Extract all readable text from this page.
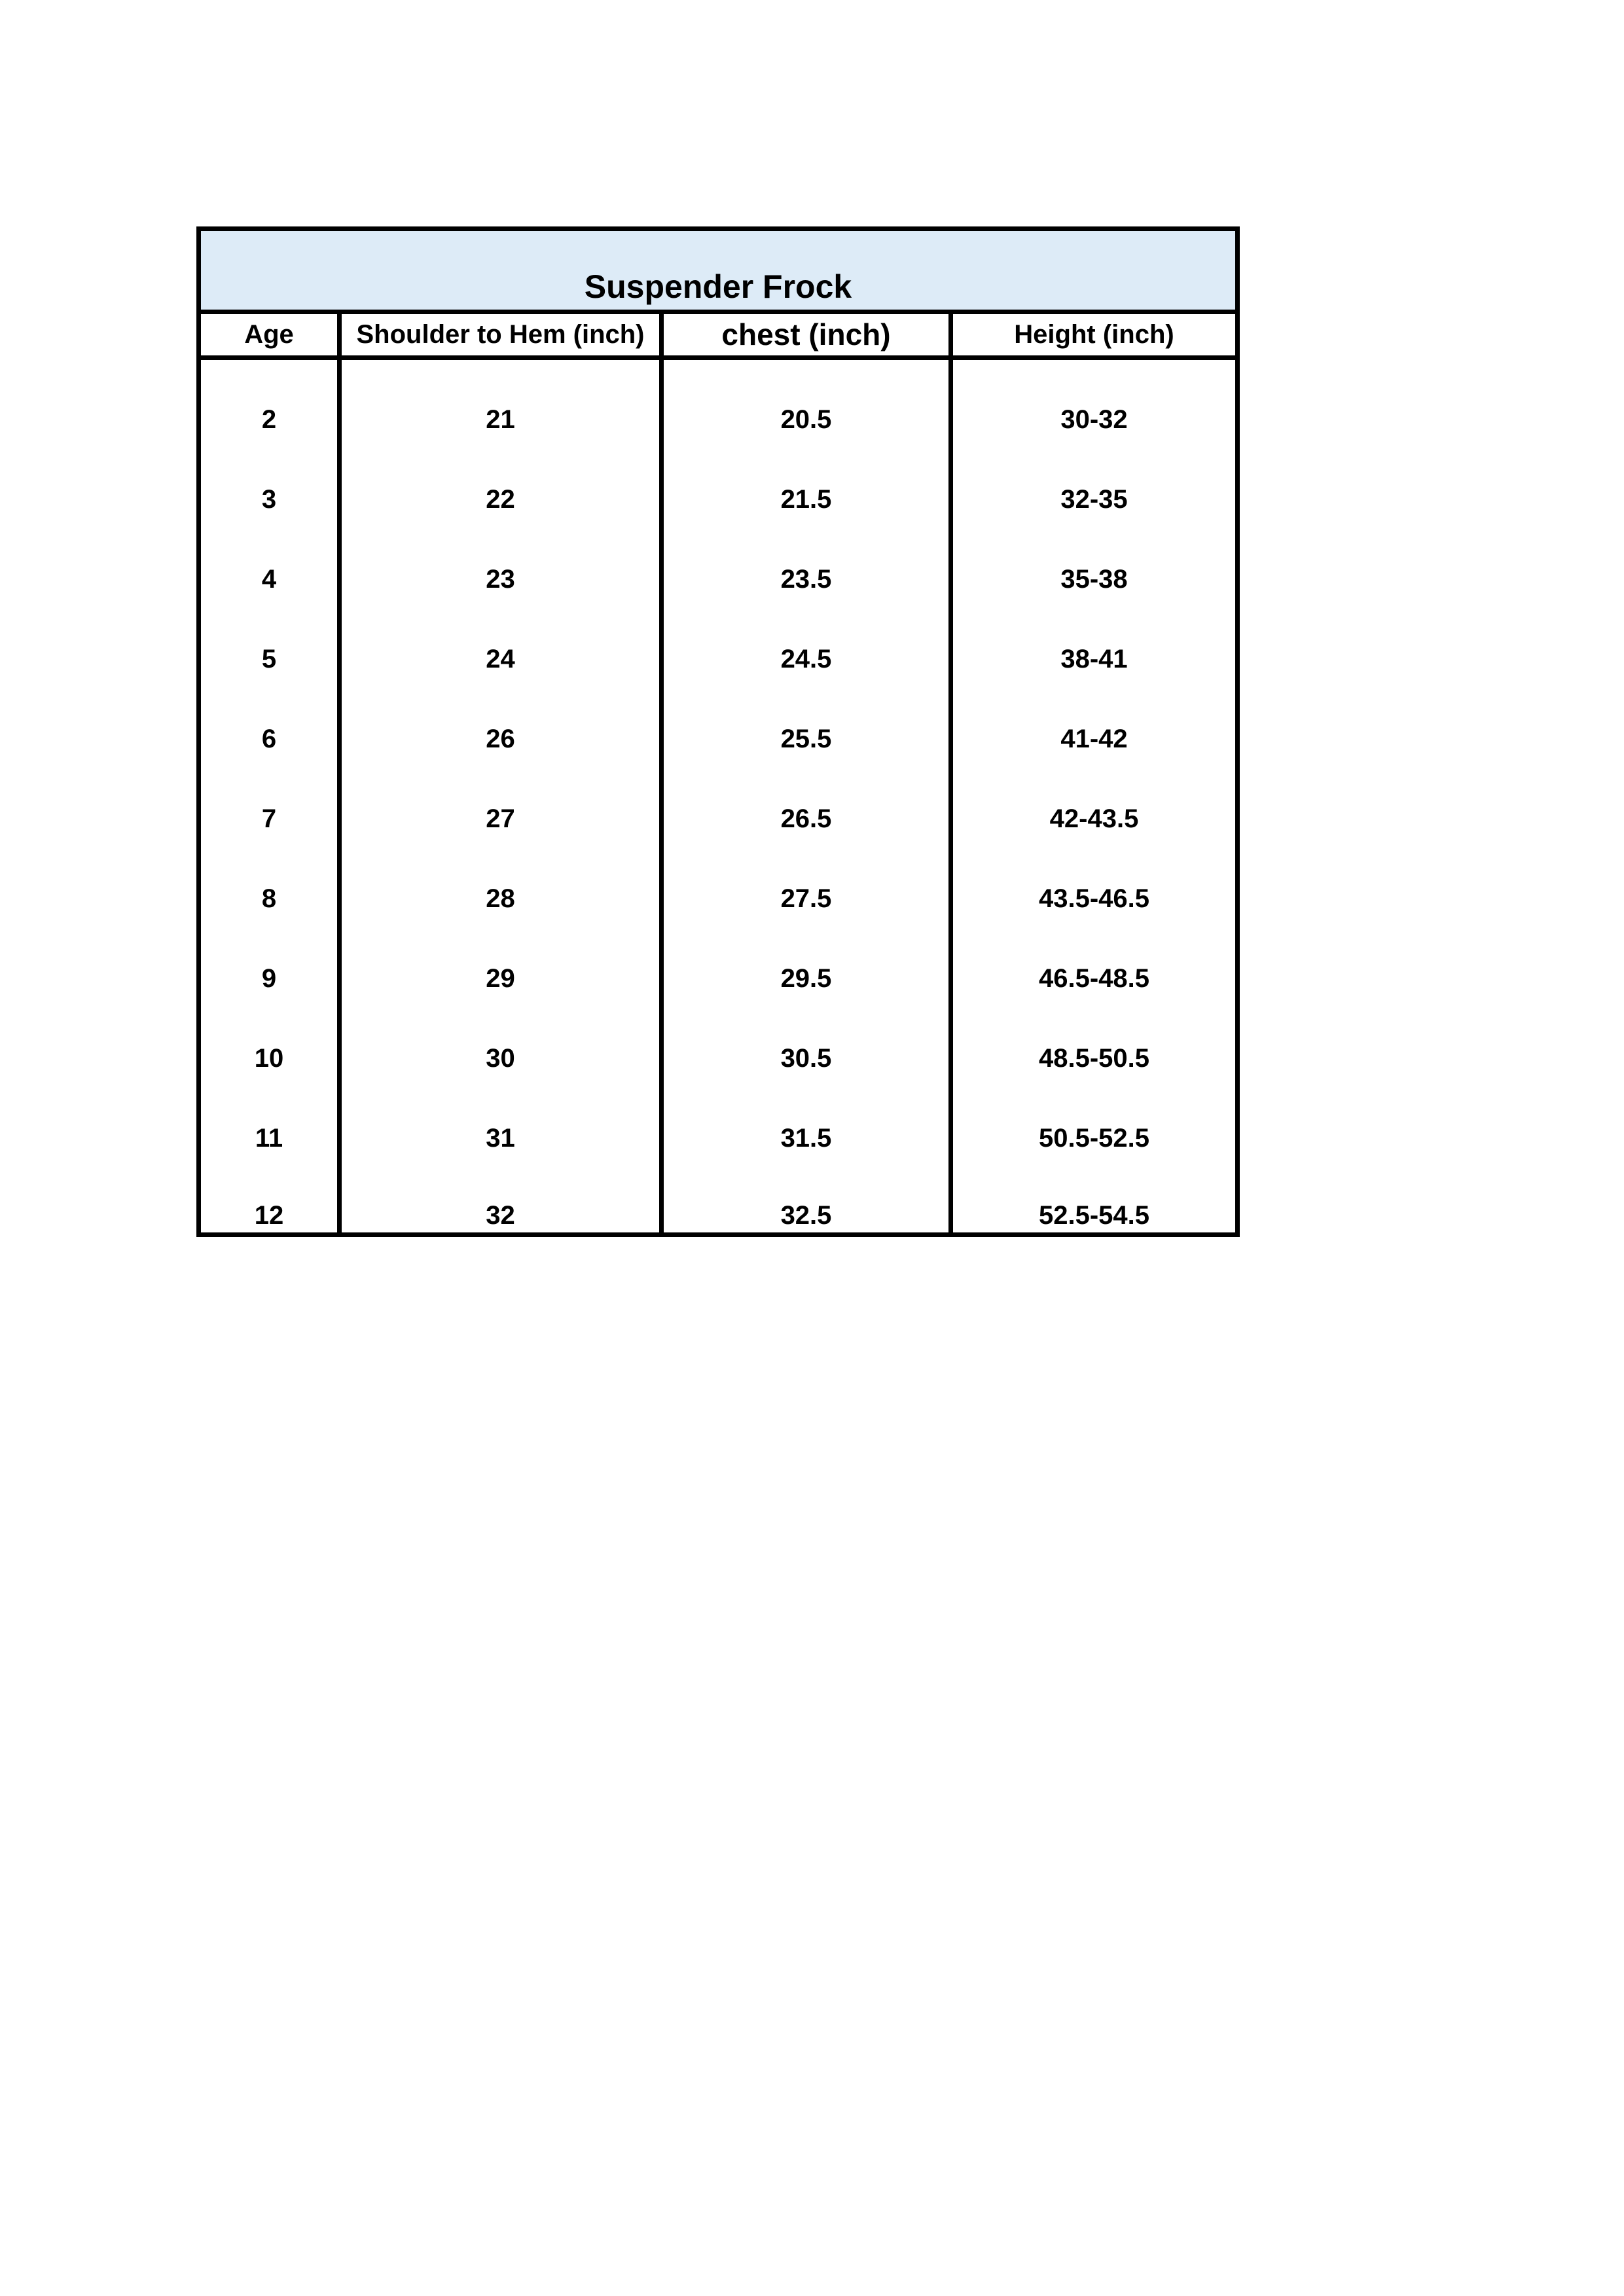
Suspender Frock
Age	Shoulder to Hem (inch)	chest (inch)	Height (inch)
2	21	20.5	30-32
3	22	21.5	32-35
4	23	23.5	35-38
5	24	24.5	38-41
6	26	25.5	41-42
7	27	26.5	42-43.5
8	28	27.5	43.5-46.5
9	29	29.5	46.5-48.5
10	30	30.5	48.5-50.5
11	31	31.5	50.5-52.5
12	32	32.5	52.5-54.5
